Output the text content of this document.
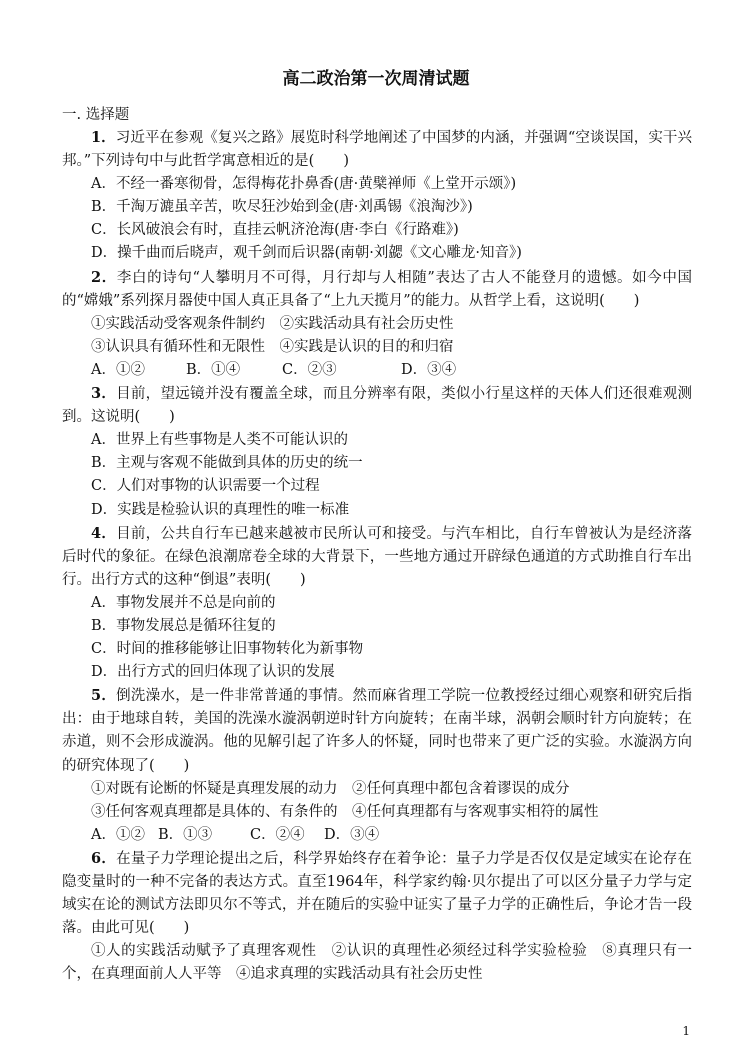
高二政治第一次周清试题
一. 选择题

1．习近平在参观《复兴之路》展览时科学地阐述了中国梦的内涵，并强调“空谈误国，实干兴邦。”下列诗句中与此哲学寓意相近的是(　　)

A．不经一番寒彻骨，怎得梅花扑鼻香(唐·黄檗禅师《上堂开示颂》)

B．千淘万漉虽辛苦，吹尽狂沙始到金(唐·刘禹锡《浪淘沙》)

C．长风破浪会有时，直挂云帆济沧海(唐·李白《行路难》)

D．操千曲而后晓声，观千剑而后识器(南朝·刘勰《文心雕龙·知音》)

2．李白的诗句“人攀明月不可得，月行却与人相随”表达了古人不能登月的遗憾。如今中国的“嫦娥”系列探月器使中国人真正具备了“上九天揽月”的能力。从哲学上看，这说明(　　)

①实践活动受客观条件制约　②实践活动具有社会历史性

③认识具有循环性和无限性　④实践是认识的目的和归宿

A．①②	B．①④	C．②③	D．③④

3．目前，望远镜并没有覆盖全球，而且分辨率有限，类似小行星这样的天体人们还很难观测到。这说明(　　)

A．世界上有些事物是人类不可能认识的

B．主观与客观不能做到具体的历史的统一

C．人们对事物的认识需要一个过程

D．实践是检验认识的真理性的唯一标准

4．目前，公共自行车已越来越被市民所认可和接受。与汽车相比，自行车曾被认为是经济落后时代的象征。在绿色浪潮席卷全球的大背景下，一些地方通过开辟绿色通道的方式助推自行车出行。出行方式的这种“倒退”表明(　　)

A．事物发展并不总是向前的

B．事物发展总是循环往复的

C．时间的推移能够让旧事物转化为新事物

D．出行方式的回归体现了认识的发展

5．倒洗澡水，是一件非常普通的事情。然而麻省理工学院一位教授经过细心观察和研究后指出：由于地球自转，美国的洗澡水漩涡朝逆时针方向旋转；在南半球，涡朝会顺时针方向旋转；在赤道，则不会形成漩涡。他的见解引起了许多人的怀疑，同时也带来了更广泛的实验。水漩涡方向的研究体现了(　　)

①对既有论断的怀疑是真理发展的动力　②任何真理中都包含着谬误的成分

③任何客观真理都是具体的、有条件的　④任何真理都有与客观事实相符的属性

A．①② B．①③	C．②④ D．③④

6．在量子力学理论提出之后，科学界始终存在着争论：量子力学是否仅仅是定域实在论存在隐变量时的一种不完备的表达方式。直至1964年，科学家约翰·贝尔提出了可以区分量子力学与定域实在论的测试方法即贝尔不等式，并在随后的实验中证实了量子力学的正确性后，争论才告一段落。由此可见(　　)

①人的实践活动赋予了真理客观性　②认识的真理性必须经过科学实验检验　⑧真理只有一个，在真理面前人人平等　④追求真理的实践活动具有社会历史性

1
